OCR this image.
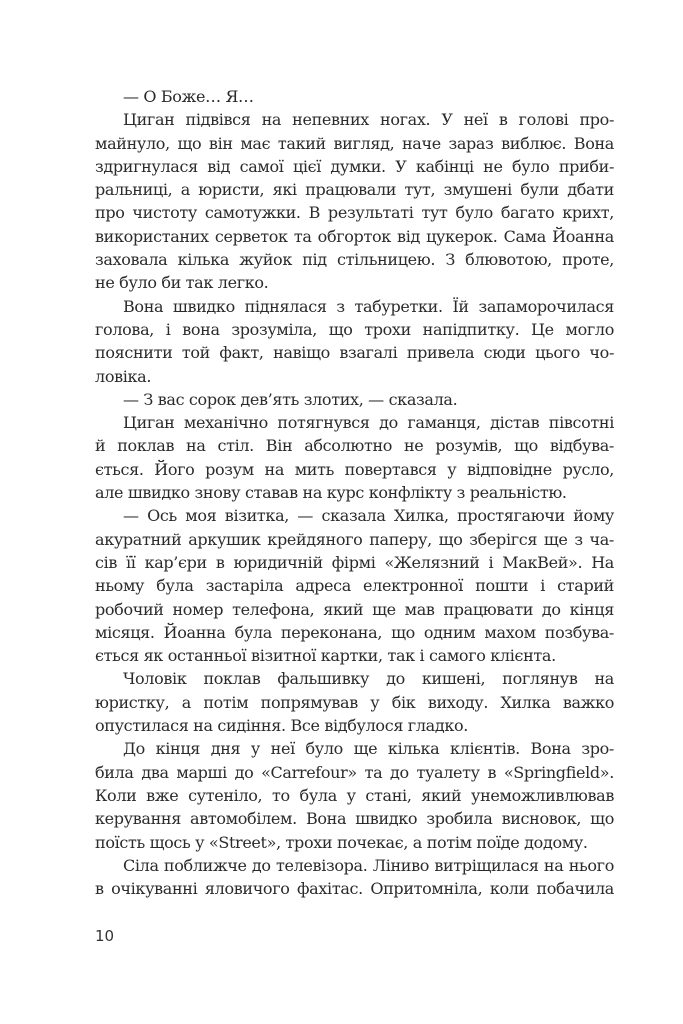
— О Боже… Я…
Циган підвівся на непевних ногах. У неї в голові про-
майнуло, що він має такий вигляд, наче зараз виблює. Вона
здригнулася від самої цієї думки. У кабінці не було приби-
ральниці, а юристи, які працювали тут, змушені були дбати
про чистоту самотужки. В результаті тут було багато крихт,
використаних серветок та обгорток від цукерок. Сама Йоанна
заховала кілька жуйок під стільницею. З блювотою, проте,
не було би так легко.
Вона швидко піднялася з табуретки. Їй запаморочилася
голова, і вона зрозуміла, що трохи напідпитку. Це могло
пояснити той факт, навіщо взагалі привела сюди цього чо-
ловіка.
— З вас сорок дев’ять злотих, — сказала.
Циган механічно потягнувся до гаманця, дістав півсотні
й поклав на стіл. Він абсолютно не розумів, що відбува-
ється. Його розум на мить повертався у відповідне русло,
але швидко знову ставав на курс конфлікту з реальністю.
— Ось моя візитка, — сказала Хилка, простягаючи йому
акуратний аркушик крейдяного паперу, що зберігся ще з ча-
сів її кар’єри в юридичній фірмі «Желязний і МакВей». На
ньому була застаріла адреса електронної пошти і старий
робочий номер телефона, який ще мав працювати до кінця
місяця. Йоанна була переконана, що одним махом позбува-
ється як останньої візитної картки, так і самого клієнта.
Чоловік поклав фальшивку до кишені, поглянув на
юристку, а потім попрямував у бік виходу. Хилка важко
опустилася на сидіння. Все відбулося гладко.
До кінця дня у неї було ще кілька клієнтів. Вона зро-
била два марші до «Carrefour» та до туалету в «Springfield».
Коли вже сутеніло, то була у стані, який унеможливлював
керування автомобілем. Вона швидко зробила висновок, що
поїсть щось у «Street», трохи почекає, а потім поїде додому.
Сіла поближче до телевізора. Ліниво витріщилася на нього
в очікуванні яловичого фахітас. Опритомніла, коли побачила
10
